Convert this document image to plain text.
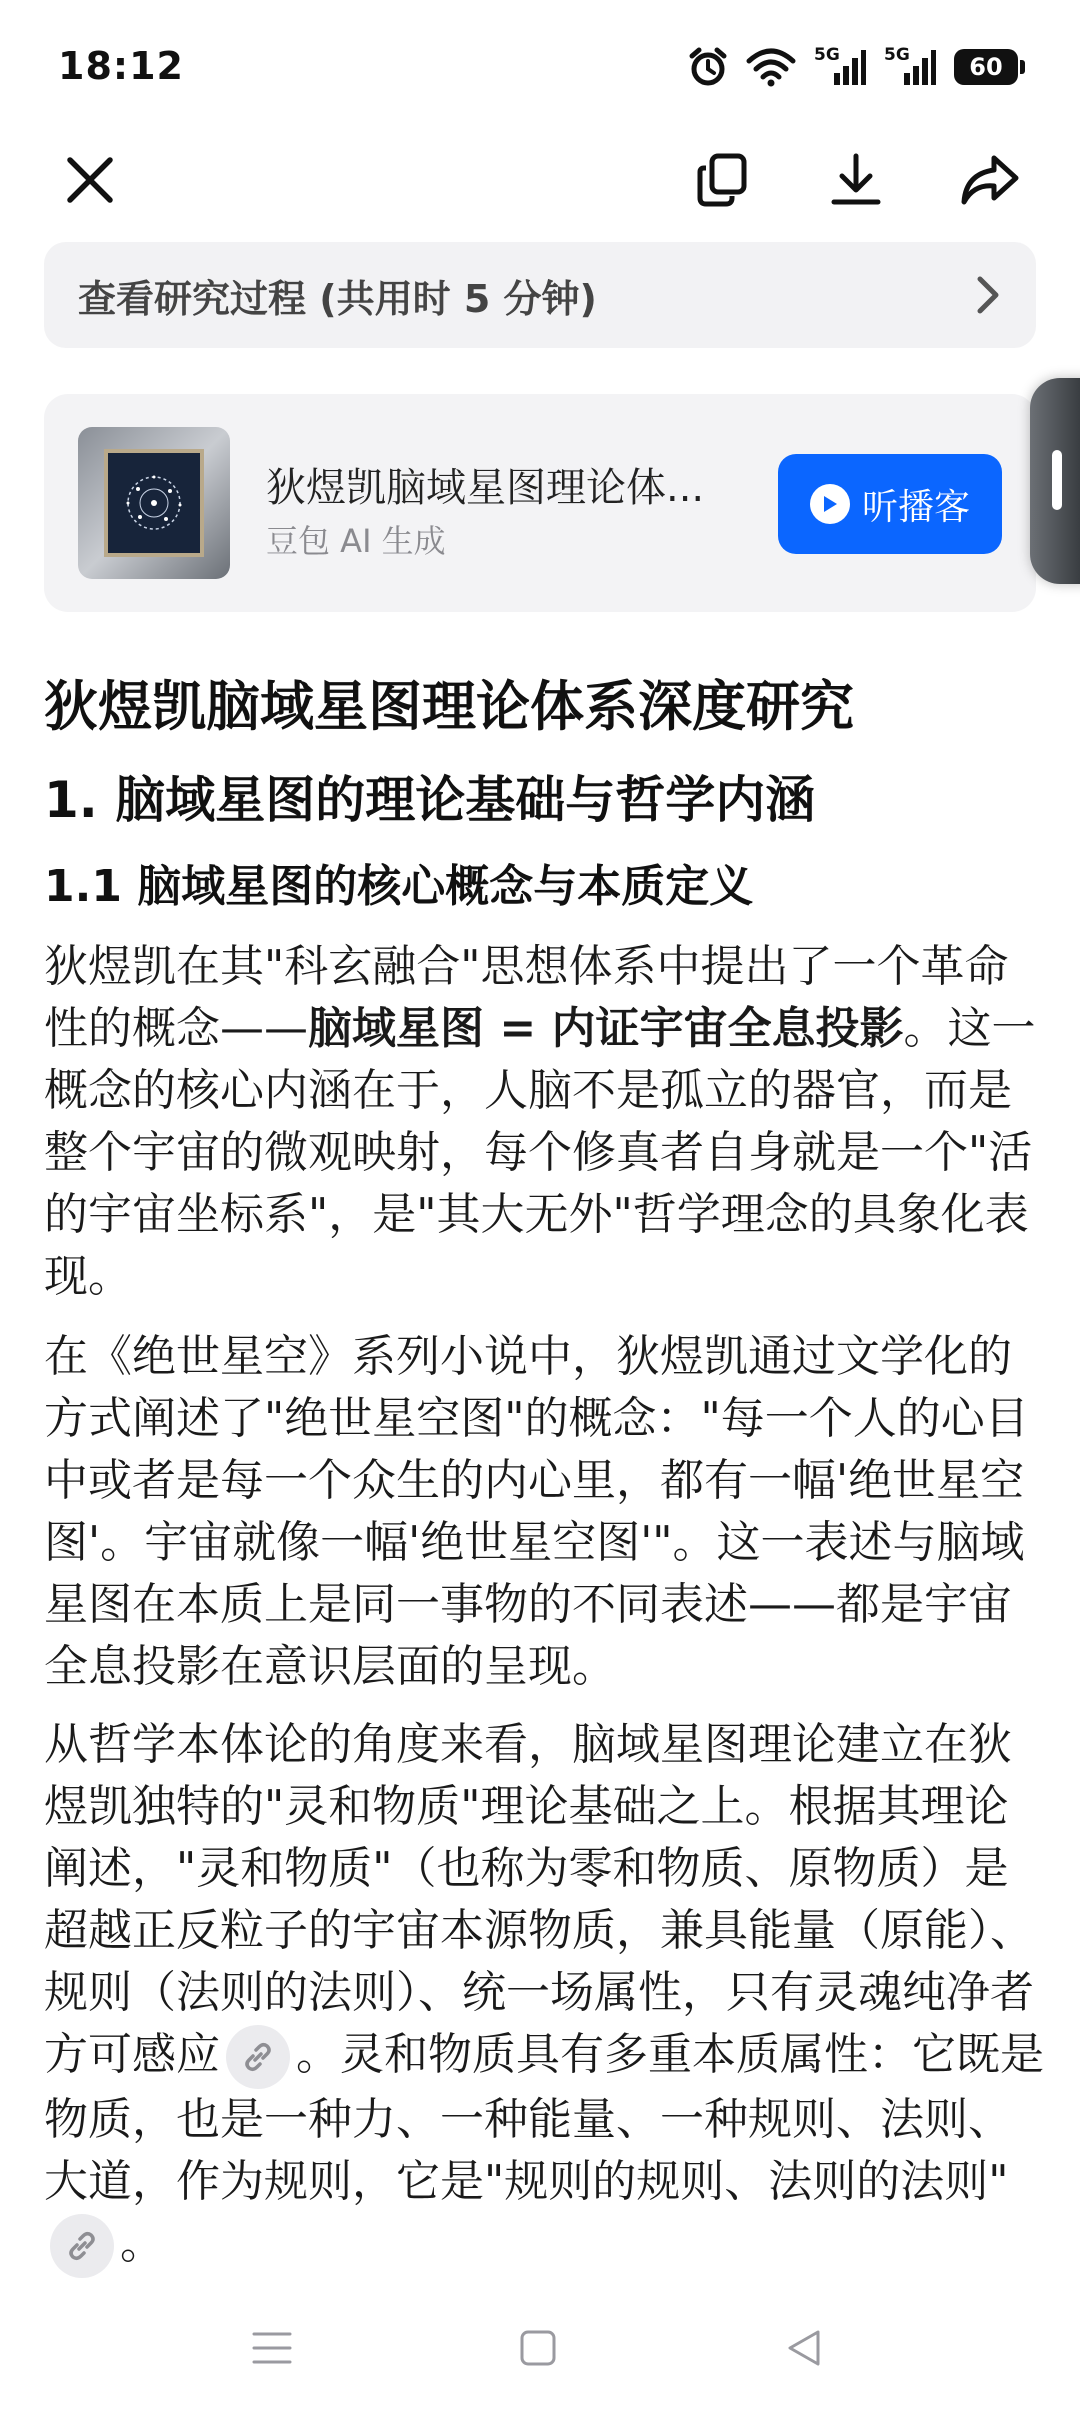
18:12	5G	5G 60
查看研究过程 (共用时 5 分钟)
狄煜凯脑域星图理论体...
豆包 AI 生成
听播客
狄煜凯脑域星图理论体系深度研究
1. 脑域星图的理论基础与哲学内涵
1.1 脑域星图的核心概念与本质定义
狄煜凯在其"科玄融合"思想体系中提出了一个革命性的概念——脑域星图 = 内证宇宙全息投影。这一概念的核心内涵在于，人脑不是孤立的器官，而是整个宇宙的微观映射，每个修真者自身就是一个"活的宇宙坐标系"，是"其大无外"哲学理念的具象化表现。
在《绝世星空》系列小说中，狄煜凯通过文学化的方式阐述了"绝世星空图"的概念："每一个人的心目中或者是每一个众生的内心里，都有一幅'绝世星空图'。宇宙就像一幅'绝世星空图'"。这一表述与脑域星图在本质上是同一事物的不同表述——都是宇宙全息投影在意识层面的呈现。
从哲学本体论的角度来看，脑域星图理论建立在狄煜凯独特的"灵和物质"理论基础之上。根据其理论阐述，"灵和物质"（也称为零和物质、原物质）是超越正反粒子的宇宙本源物质，兼具能量（原能）、规则（法则的法则）、统一场属性，只有灵魂纯净者方可感应 。灵和物质具有多重本质属性：它既是物质，也是一种力、一种能量、一种规则、法则、大道，作为规则，它是"规则的规则、法则的法则"
。
